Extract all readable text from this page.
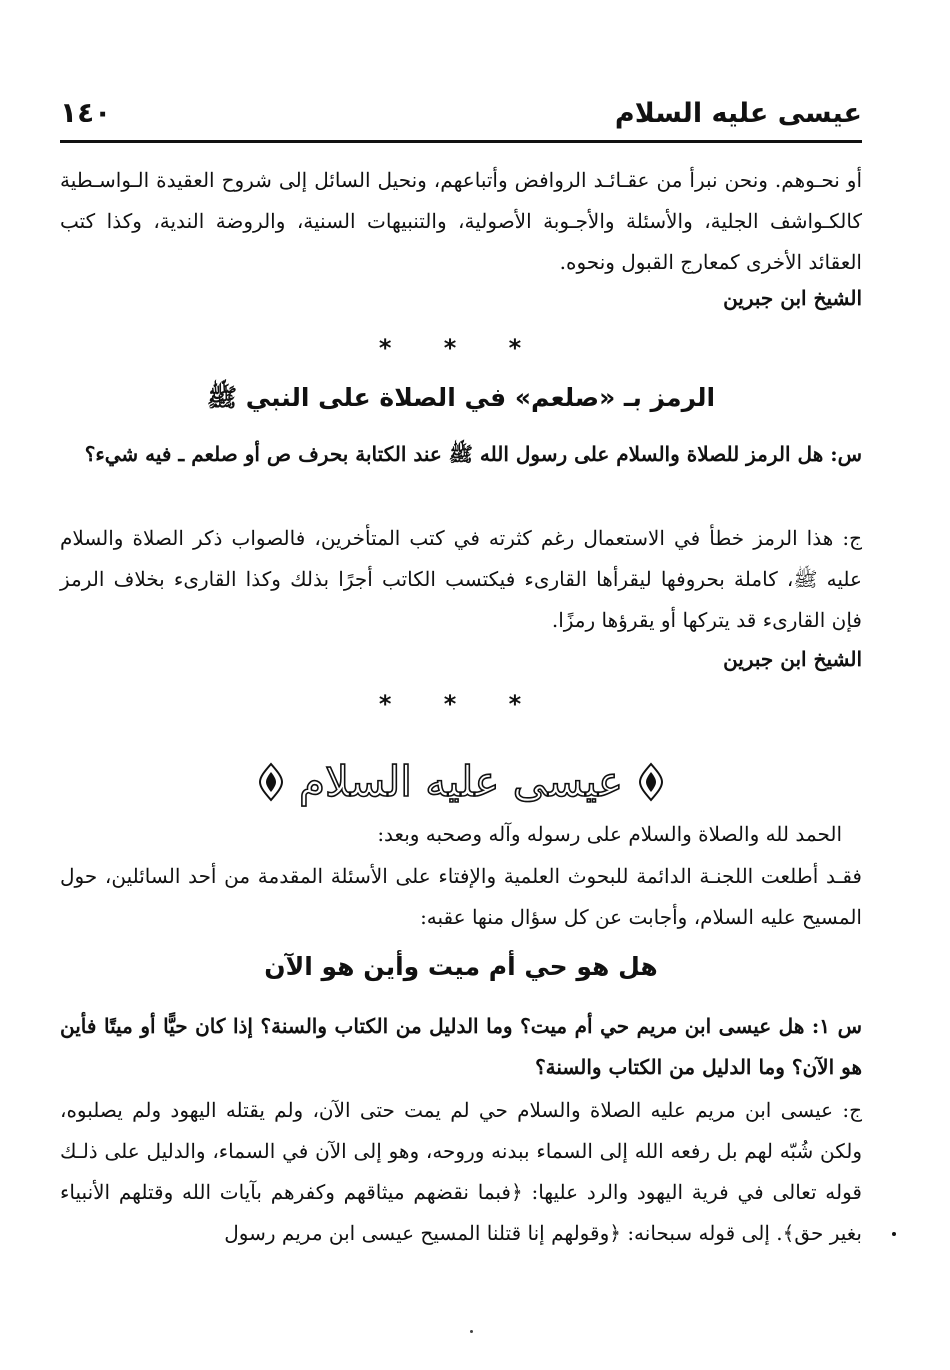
عيسى عليه السلام
١٤٠

أو نحـوهم. ونحن نبرأ من عقـائـد الروافض وأتباعهم، ونحيل السائل إلى شروح العقيدة الـواسـطية كالكـواشف الجلية، والأسئلة والأجـوبة الأصولية، والتنبيهات السنية، والروضة الندية، وكذا كتب العقائد الأخرى كمعارج القبول ونحوه.

الشيخ ابن جبرين

* * *
الرمز بـ «صلعم» في الصلاة على النبي ﷺ

س: هل الرمز للصلاة والسلام على رسول الله ﷺ عند الكتابة بحرف ص أو صلعم ـ فيه شيء؟

ج: هذا الرمز خطأ في الاستعمال رغم كثرته في كتب المتأخرين، فالصواب ذكر الصلاة والسلام عليه ﷺ، كاملة بحروفها ليقرأها القارىء فيكتسب الكاتب أجرًا بذلك وكذا القارىء بخلاف الرمز فإن القارىء قد يتركها أو يقرؤها رمزًا.

الشيخ ابن جبرين

* * *
عيسى عليه السلام

الحمد لله والصلاة والسلام على رسوله وآله وصحبه وبعد:

فقـد أطلعت اللجنـة الدائمة للبحوث العلمية والإفتاء على الأسئلة المقدمة من أحد السائلين، حول المسيح عليه السلام، وأجابت عن كل سؤال منها عقبه:

هل هو حي أم ميت وأين هو الآن

س ١: هل عيسى ابن مريم حي أم ميت؟ وما الدليل من الكتاب والسنة؟ إذا كان حيًّا أو ميتًا فأين هو الآن؟ وما الدليل من الكتاب والسنة؟

ج: عيسى ابن مريم عليه الصلاة والسلام حي لم يمت حتى الآن، ولم يقتله اليهود ولم يصلبوه، ولكن شُبّه لهم بل رفعه الله إلى السماء ببدنه وروحه، وهو إلى الآن في السماء، والدليل على ذلـك قوله تعالى في فرية اليهود والرد عليها: ﴿فبما نقضهم ميثاقهم وكفرهم بآيات الله وقتلهم الأنبياء بغير حق﴾. إلى قوله سبحانه: ﴿وقولهم إنا قتلنا المسيح عيسى ابن مريم رسول
